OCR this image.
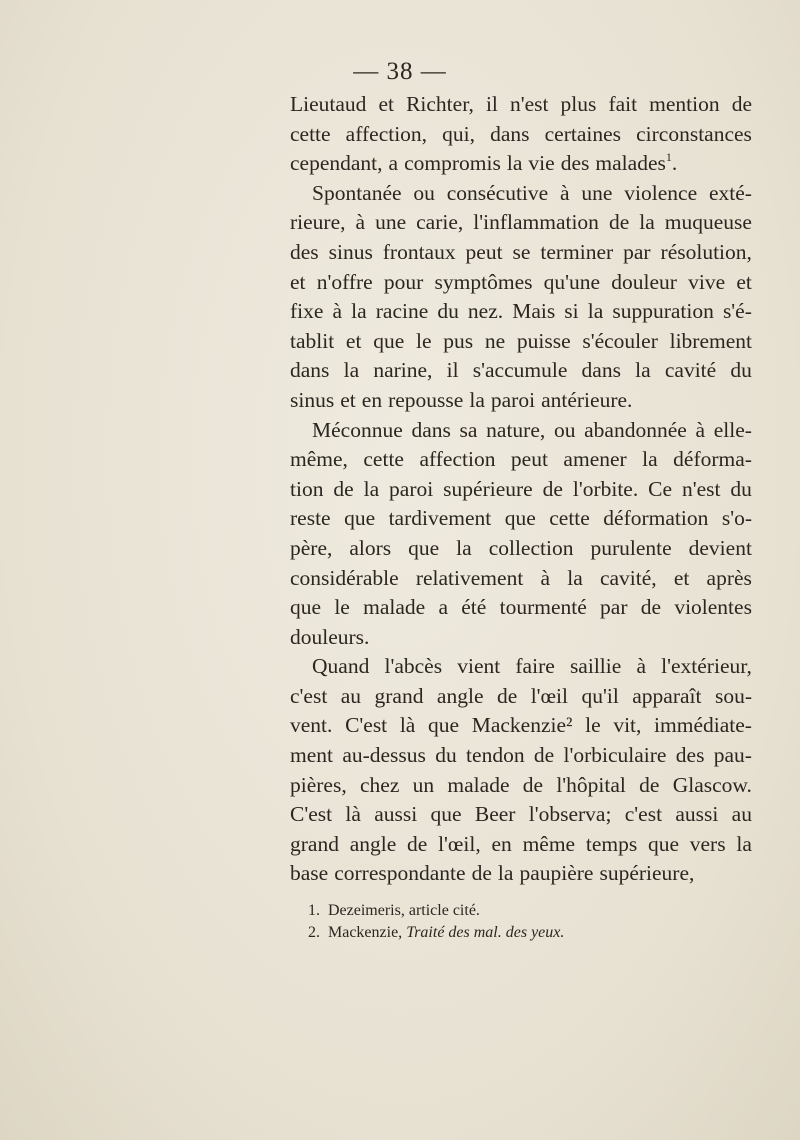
— 38 —
Lieutaud et Richter, il n'est plus fait mention de
cette affection, qui, dans certaines circonstances
cependant, a compromis la vie des malades$^1$.
Spontanée ou consécutive à une violence exté-
rieure, à une carie, l'inflammation de la muqueuse
des sinus frontaux peut se terminer par résolution,
et n'offre pour symptômes qu'une douleur vive et
fixe à la racine du nez. Mais si la suppuration s'é-
tablit et que le pus ne puisse s'écouler librement
dans la narine, il s'accumule dans la cavité du
sinus et en repousse la paroi antérieure.
Méconnue dans sa nature, ou abandonnée à elle-
même, cette affection peut amener la déforma-
tion de la paroi supérieure de l'orbite. Ce n'est du
reste que tardivement que cette déformation s'o-
père, alors que la collection purulente devient
considérable relativement à la cavité, et après
que le malade a été tourmenté par de violentes
douleurs.
Quand l'abcès vient faire saillie à l'extérieur,
c'est au grand angle de l'œil qu'il apparaît sou-
vent. C'est là que Mackenzie² le vit, immédiate-
ment au-dessus du tendon de l'orbiculaire des pau-
pières, chez un malade de l'hôpital de Glascow.
C'est là aussi que Beer l'observa; c'est aussi au
grand angle de l'œil, en même temps que vers la
base correspondante de la paupière supérieure,
1. Dezeimeris, article cité.
2. Mackenzie, Traité des mal. des yeux.
